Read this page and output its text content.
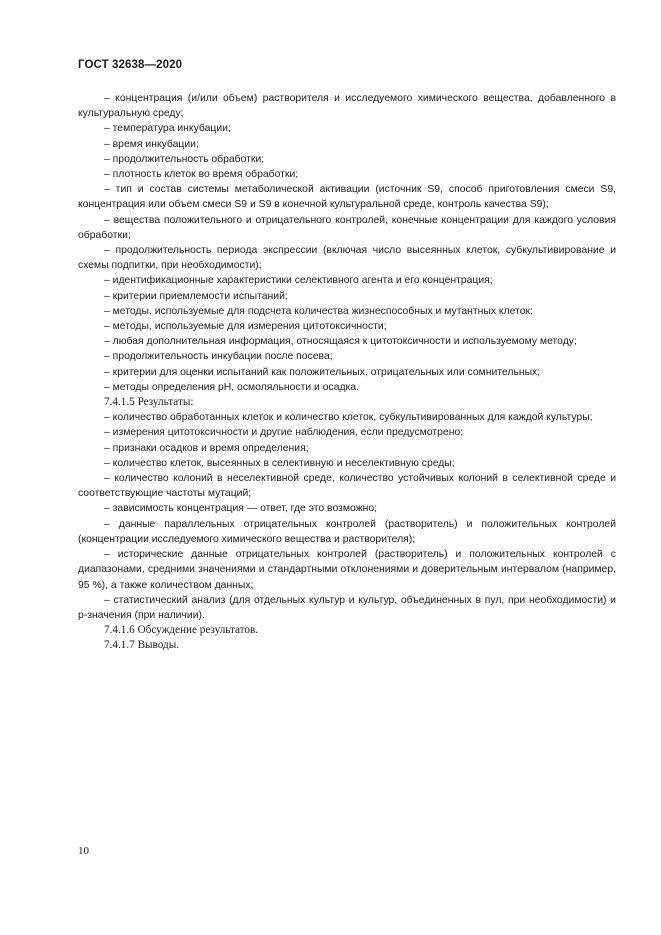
ГОСТ 32638—2020

– концентрация (и/или объем) растворителя и исследуемого химического вещества, добавленного в культуральную среду;

– температура инкубации;

– время инкубации;

– продолжительность обработки;

– плотность клеток во время обработки;

– тип и состав системы метаболической активации (источник S9, способ приготовления смеси S9, концентрация или объем смеси S9 и S9 в конечной культуральной среде, контроль качества S9);

– вещества положительного и отрицательного контролей, конечные концентрации для каждого условия обработки;

– продолжительность периода экспрессии (включая число высеянных клеток, субкультивирование и схемы подпитки, при необходимости);

– идентификационные характеристики селективного агента и его концентрация;

– критерии приемлемости испытаний;

– методы, используемые для подсчета количества жизнеспособных и мутантных клеток;

– методы, используемые для измерения цитотоксичности;

– любая дополнительная информация, относящаяся к цитотоксичности и используемому методу;

– продолжительность инкубации после посева;

– критерии для оценки испытаний как положительных, отрицательных или сомнительных;

– методы определения pH, осмоляльности и осадка.

7.4.1.5 Результаты:

– количество обработанных клеток и количество клеток, субкультивированных для каждой культуры;

– измерения цитотоксичности и другие наблюдения, если предусмотрено;

– признаки осадков и время определения;

– количество клеток, высеянных в селективную и неселективную среды;

– количество колоний в неселективной среде, количество устойчивых колоний в селективной среде и соответствующие частоты мутаций;

– зависимость концентрация — ответ, где это возможно;

– данные параллельных отрицательных контролей (растворитель) и положительных контролей (концентрации исследуемого химического вещества и растворителя);

– исторические данные отрицательных контролей (растворитель) и положительных контролей с диапазонами, средними значениями и стандартными отклонениями и доверительным интервалом (например, 95 %), а также количеством данных;

– статистический анализ (для отдельных культур и культур, объединенных в пул, при необходимости) и p-значения (при наличии).

7.4.1.6 Обсуждение результатов.

7.4.1.7 Выводы.

10
